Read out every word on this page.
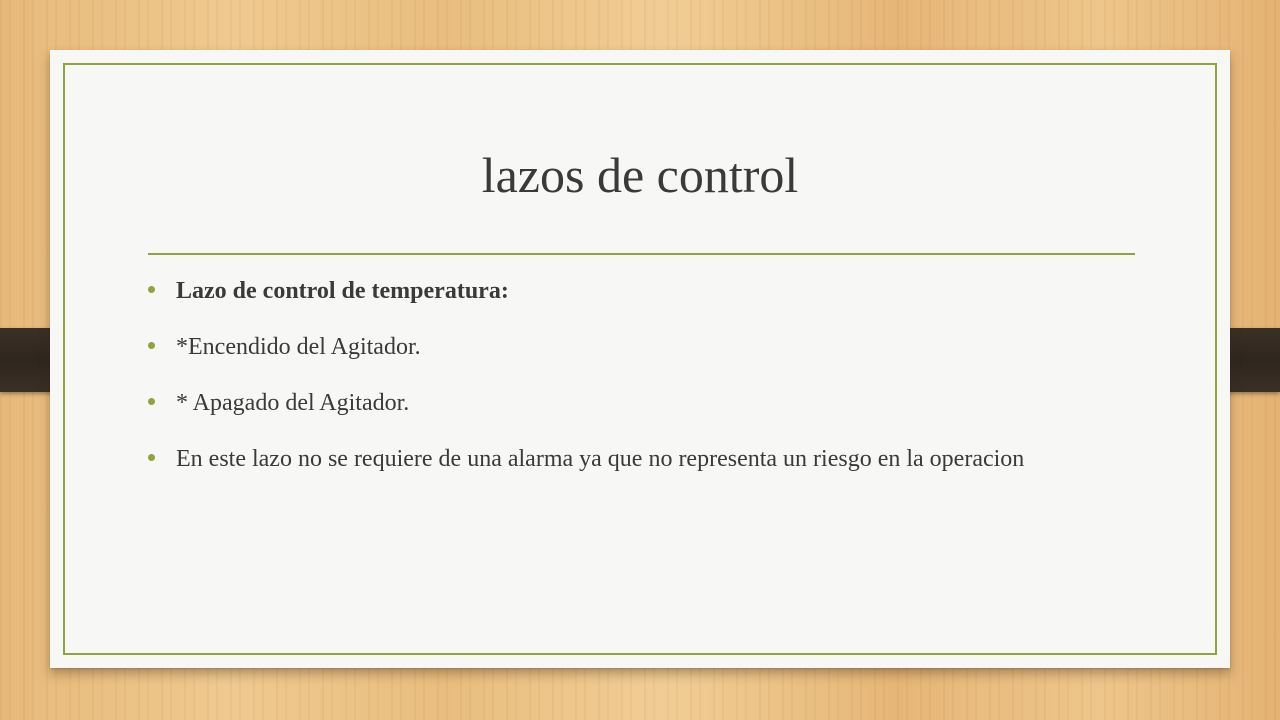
lazos de control
Lazo de control de temperatura:
*Encendido del Agitador.
* Apagado del Agitador.
En este lazo no se requiere de una alarma ya que no representa un riesgo en la operacion
